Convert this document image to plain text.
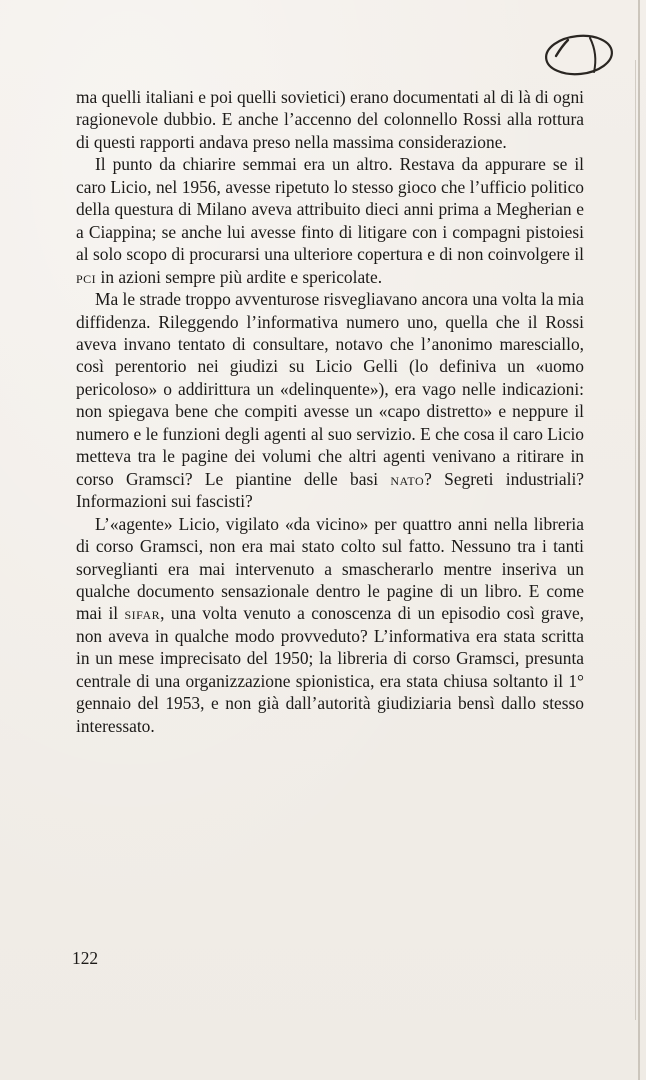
ma quelli italiani e poi quelli sovietici) erano documentati al di là di ogni ragionevole dubbio. E anche l’accenno del colonnello Rossi alla rottura di questi rapporti andava preso nella massima considerazione.

Il punto da chiarire semmai era un altro. Restava da appurare se il caro Licio, nel 1956, avesse ripetuto lo stesso gioco che l’ufficio politico della questura di Milano aveva attribuito dieci anni prima a Megherian e a Ciappina; se anche lui avesse finto di litigare con i compagni pistoiesi al solo scopo di procurarsi una ulteriore copertura e di non coinvolgere il pci in azioni sempre più ardite e spericolate.

Ma le strade troppo avventurose risvegliavano ancora una volta la mia diffidenza. Rileggendo l’informativa numero uno, quella che il Rossi aveva invano tentato di consultare, notavo che l’anonimo maresciallo, così perentorio nei giudizi su Licio Gelli (lo definiva un «uomo pericoloso» o addirittura un «delinquente»), era vago nelle indicazioni: non spiegava bene che compiti avesse un «capo distretto» e neppure il numero e le funzioni degli agenti al suo servizio. E che cosa il caro Licio metteva tra le pagine dei volumi che altri agenti venivano a ritirare in corso Gramsci? Le piantine delle basi nato? Segreti industriali? Informazioni sui fascisti?

L’«agente» Licio, vigilato «da vicino» per quattro anni nella libreria di corso Gramsci, non era mai stato colto sul fatto. Nessuno tra i tanti sorveglianti era mai intervenuto a smascherarlo mentre inseriva un qualche documento sensazionale dentro le pagine di un libro. E come mai il sifar, una volta venuto a conoscenza di un episodio così grave, non aveva in qualche modo provveduto? L’informativa era stata scritta in un mese imprecisato del 1950; la libreria di corso Gramsci, presunta centrale di una organizzazione spionistica, era stata chiusa soltanto il 1° gennaio del 1953, e non già dall’autorità giudiziaria bensì dallo stesso interessato.

122
